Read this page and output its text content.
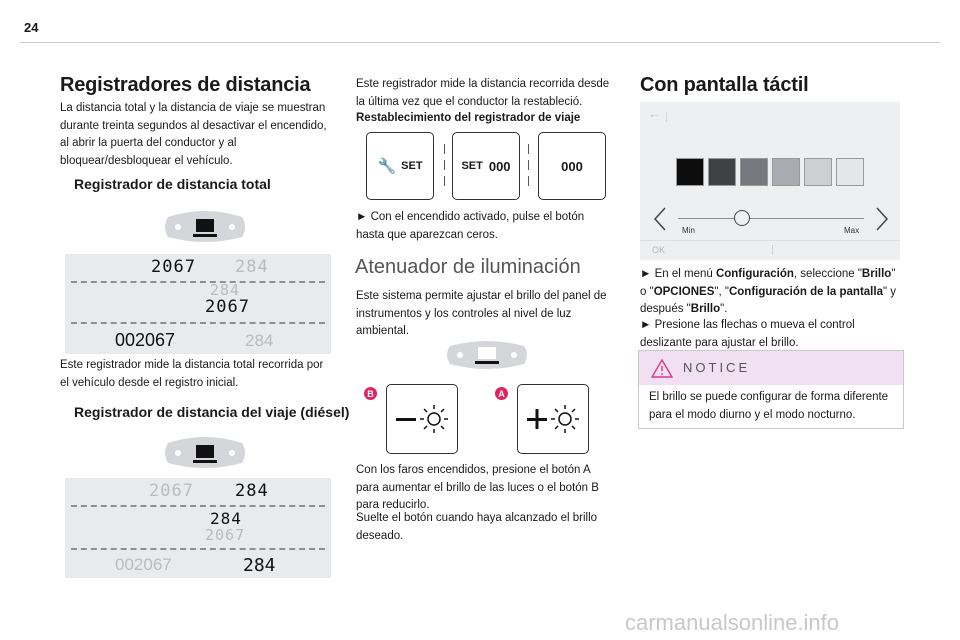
24
Registradores de distancia
La distancia total y la distancia de viaje se muestran durante treinta segundos al desactivar el encendido, al abrir la puerta del conductor y al bloquear/desbloquear el vehículo.
Registrador de distancia total
2067 284
284
2067
002067	284
Este registrador mide la distancia total recorrida por el vehículo desde el registro inicial.
Registrador de distancia del viaje (diésel)
2067 284
284
2067
002067	284
Este registrador mide la distancia recorrida desde la última vez que el conductor la restableció.
Restablecimiento del registrador de viaje
🔧 SET	SET 000	000
► Con el encendido activado, pulse el botón hasta que aparezcan ceros.
Atenuador de iluminación
Este sistema permite ajustar el brillo del panel de instrumentos y los controles al nivel de luz ambiental.
B	A
Con los faros encendidos, presione el botón A para aumentar el brillo de las luces o el botón B para reducirlo.
Suelte el botón cuando haya alcanzado el brillo deseado.
Con pantalla táctil
←
Min	Max
OK
► En el menú Configuración, seleccione "Brillo" o "OPCIONES", "Configuración de la pantalla" y después "Brillo".
► Presione las flechas o mueva el control deslizante para ajustar el brillo.
NOTICE
El brillo se puede configurar de forma diferente para el modo diurno y el modo nocturno.
carmanualsonline.info
